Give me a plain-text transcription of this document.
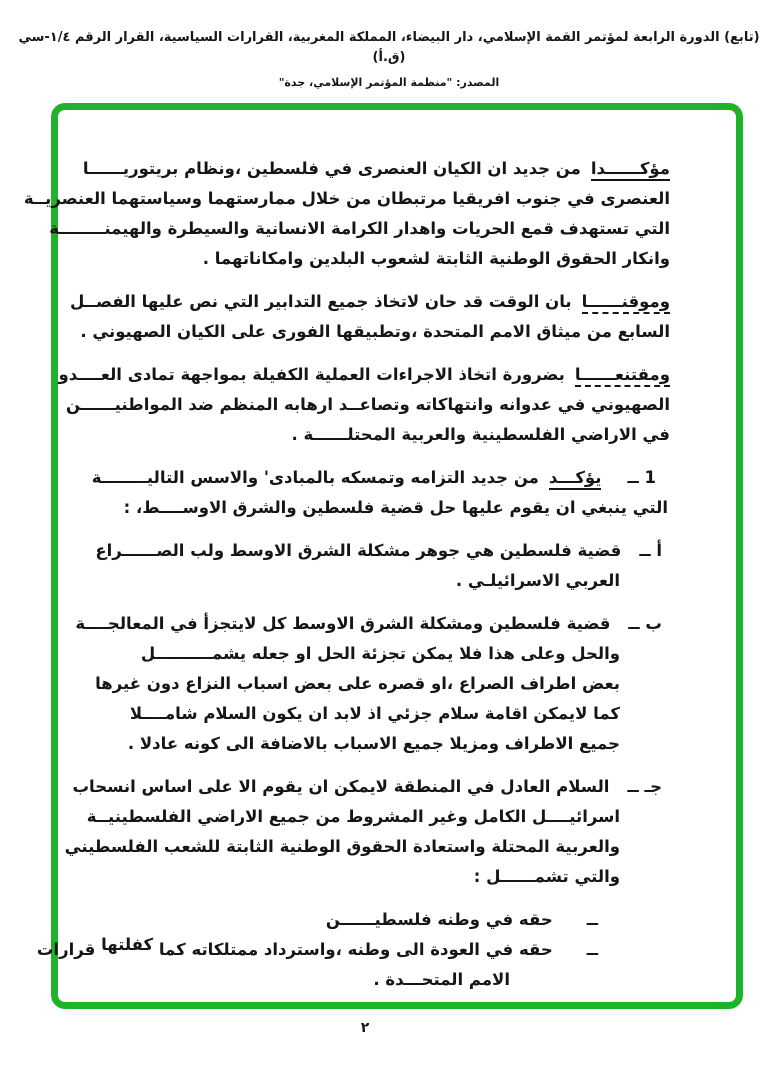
(تابع) الدورة الرابعة لمؤتمر القمة الإسلامي، دار البيضاء، المملكة المغربية، القرارات السياسية، القرار الرقم ١/٤-سي (ق.أ)
المصدر: "منظمة المؤتمر الإسلامي، جدة"
مؤكــــــدامن جديد ان الكيان العنصرى في فلسطين ،ونظام بريتوريــــــا
العنصرى في جنوب افريقيا مرتبطان من خلال ممارستهما وسياستهما العنصريــة
التي تستهدف قمع الحريات واهدار الكرامة الانسانية والسيطرة والهيمنــــــــة
وانكار الحقوق الوطنية الثابتة لشعوب البلدين وامكاناتهما .
وموقنــــــابان الوقت قد حان لاتخاذ جميع التدابير التي نص عليها الفصــل
السابع من ميثاق الامم المتحدة ،وتطبيقها الفورى على الكيان الصهيوني .
ومقتنعــــــابضرورة اتخاذ الاجراءات العملية الكفيلة بمواجهة تمادى العــــدو
الصهيوني في عدوانه وانتهاكاته وتصاعــد ارهابه المنظم ضد المواطنيــــــن
في الاراضي الفلسطينية والعربية المحتلــــــة .
1 ــيؤكـــدمن جديد التزامه وتمسكه بالمبادى' والاسس التاليــــــــة
التي ينبغي ان يقوم عليها حل قضية فلسطين والشرق الاوســــط، :
أ ــقضية فلسطين هي جوهر مشكلة الشرق الاوسط ولب الصــــــراع
العربي الاسرائيلـي .
ب ــقضية فلسطين ومشكلة الشرق الاوسط كل لايتجزأ في المعالجــــة
والحل وعلى هذا فلا يمكن تجزئة الحل او جعله يشمــــــــــل
بعض اطراف الصراع ،او قصره على بعض اسباب النزاع دون غيرها
كما لايمكن اقامة سلام جزئي اذ لابد ان يكون السلام شامــــلا
جميع الاطراف ومزيلا جميع الاسباب بالاضافة الى كونه عادلا .
جـ ــالسلام العادل في المنطقة لايمكن ان يقوم الا على اساس انسحاب
اسرائيــــل الكامل وغير المشروط من جميع الاراضي الفلسطينيــة
والعربية المحتلة واستعادة الحقوق الوطنية الثابتة للشعب الفلسطيني
والتي تشمــــــل :
ــحقه في وطنه فلسطيــــــن
ــحقه في العودة الى وطنه ،واسترداد ممتلكاته كما كفلتها قرارات
الامم المتحـــدة .
٢
